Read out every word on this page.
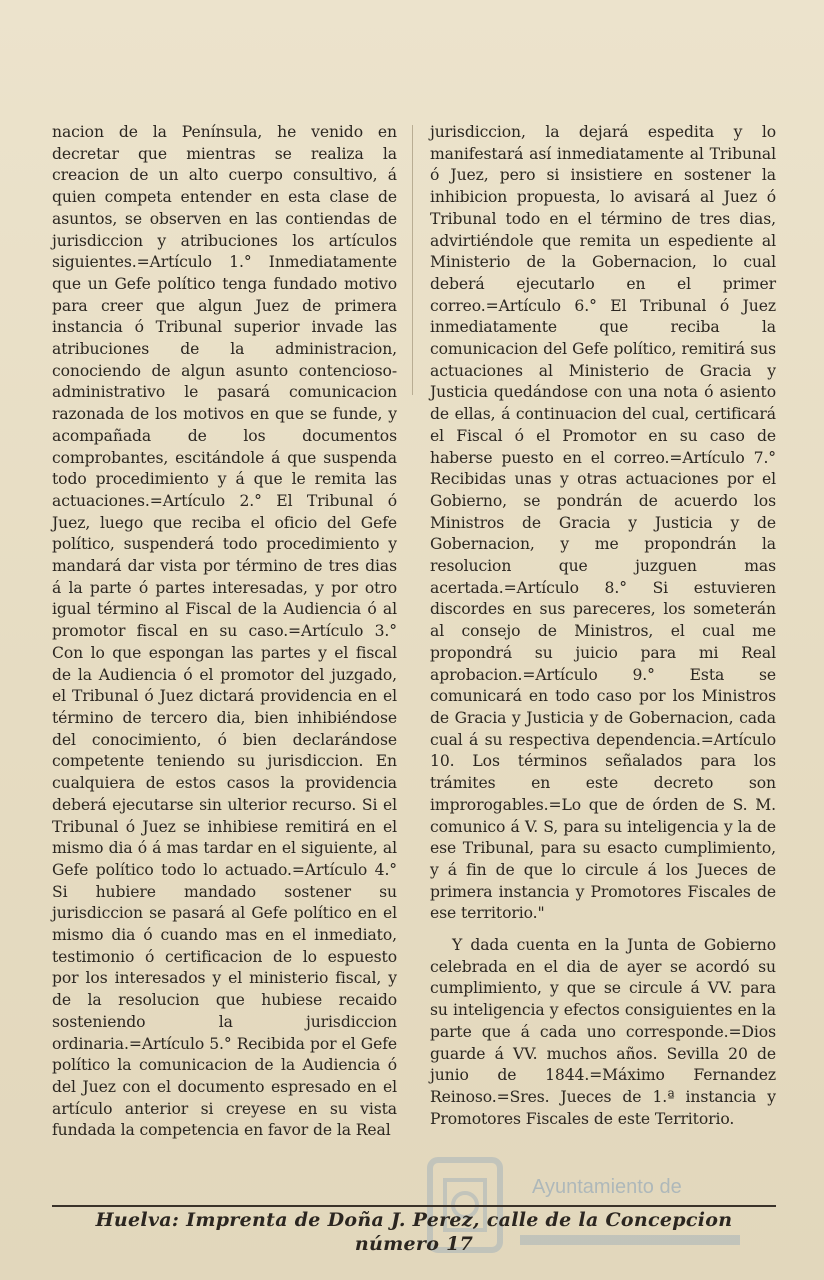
nacion de la Península, he venido en decretar que mientras se realiza la creacion de un alto cuerpo consultivo, á quien competa entender en esta clase de asuntos, se observen en las contiendas de jurisdiccion y atribuciones los artículos siguientes.=Artículo 1.° Inmediatamente que un Gefe político tenga fundado motivo para creer que algun Juez de primera instancia ó Tribunal superior invade las atribuciones de la administracion, conociendo de algun asunto contencioso-administrativo le pasará comunicacion razonada de los motivos en que se funde, y acompañada de los documentos comprobantes, escitándole á que suspenda todo procedimiento y á que le remita las actuaciones.=Artículo 2.° El Tribunal ó Juez, luego que reciba el oficio del Gefe político, suspenderá todo procedimiento y mandará dar vista por término de tres dias á la parte ó partes interesadas, y por otro igual término al Fiscal de la Audiencia ó al promotor fiscal en su caso.=Artículo 3.° Con lo que espongan las partes y el fiscal de la Audiencia ó el promotor del juzgado, el Tribunal ó Juez dictará providencia en el término de tercero dia, bien inhibiéndose del conocimiento, ó bien declarándose competente teniendo su jurisdiccion. En cualquiera de estos casos la providencia deberá ejecutarse sin ulterior recurso. Si el Tribunal ó Juez se inhibiese remitirá en el mismo dia ó á mas tardar en el siguiente, al Gefe político todo lo actuado.=Artículo 4.° Si hubiere mandado sostener su jurisdiccion se pasará al Gefe político en el mismo dia ó cuando mas en el inmediato, testimonio ó certificacion de lo espuesto por los interesados y el ministerio fiscal, y de la resolucion que hubiese recaido sosteniendo la jurisdiccion ordinaria.=Artículo 5.° Recibida por el Gefe político la comunicacion de la Audiencia ó del Juez con el documento espresado en el artículo anterior si creyese en su vista fundada la competencia en favor de la Real

jurisdiccion, la dejará espedita y lo manifestará así inmediatamente al Tribunal ó Juez, pero si insistiere en sostener la inhibicion propuesta, lo avisará al Juez ó Tribunal todo en el término de tres dias, advirtiéndole que remita un espediente al Ministerio de la Gobernacion, lo cual deberá ejecutarlo en el primer correo.=Artículo 6.° El Tribunal ó Juez inmediatamente que reciba la comunicacion del Gefe político, remitirá sus actuaciones al Ministerio de Gracia y Justicia quedándose con una nota ó asiento de ellas, á continuacion del cual, certificará el Fiscal ó el Promotor en su caso de haberse puesto en el correo.=Artículo 7.° Recibidas unas y otras actuaciones por el Gobierno, se pondrán de acuerdo los Ministros de Gracia y Justicia y de Gobernacion, y me propondrán la resolucion que juzguen mas acertada.=Artículo 8.° Si estuvieren discordes en sus pareceres, los someterán al consejo de Ministros, el cual me propondrá su juicio para mi Real aprobacion.=Artículo 9.° Esta se comunicará en todo caso por los Ministros de Gracia y Justicia y de Gobernacion, cada cual á su respectiva dependencia.=Artículo 10. Los términos señalados para los trámites en este decreto son improrogables.=Lo que de órden de S. M. comunico á V. S, para su inteligencia y la de ese Tribunal, para su esacto cumplimiento, y á fin de que lo circule á los Jueces de primera instancia y Promotores Fiscales de ese territorio."

Y dada cuenta en la Junta de Gobierno celebrada en el dia de ayer se acordó su cumplimiento, y que se circule á VV. para su inteligencia y efectos consiguientes en la parte que á cada uno corresponde.=Dios guarde á VV. muchos años. Sevilla 20 de junio de 1844.=Máximo Fernandez Reinoso.=Sres. Jueces de 1.ª instancia y Promotores Fiscales de este Territorio.

Ayuntamiento de
Huelva: Imprenta de Doña J. Perez, calle de la Concepcion número 17
